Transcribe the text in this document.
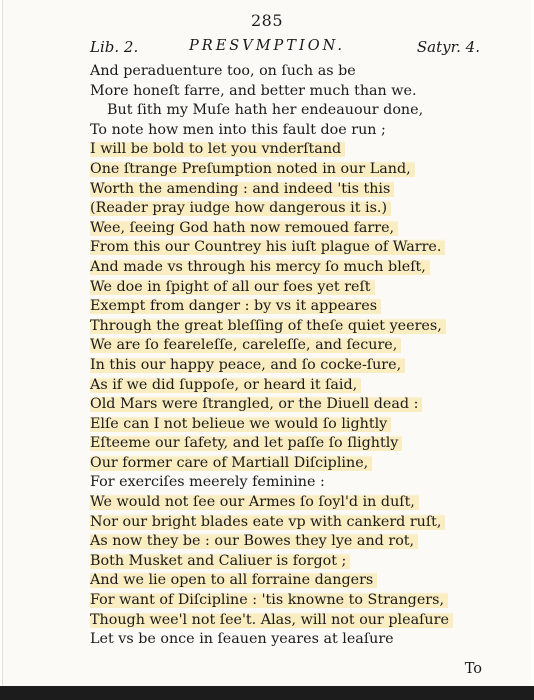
285
Lib. 2.	PRESVMPTION.	Satyr. 4.
And peraduenture too, on ſuch as be
More honeſt farre, and better much than we.
But ſith my Muſe hath her endeauour done,
To note how men into this fault doe run ;
I will be bold to let you vnderſtand
One ſtrange Preſumption noted in our Land,
Worth the amending : and indeed 'tis this
(Reader pray iudge how dangerous it is.)
Wee, ſeeing God hath now remoued farre,
From this our Countrey his iuſt plague of Warre.
And made vs through his mercy ſo much bleſt,
We doe in ſpight of all our foes yet reſt
Exempt from danger : by vs it appeares
Through the great bleſſing of theſe quiet yeeres,
We are ſo feareleſſe, careleſſe, and ſecure,
In this our happy peace, and ſo cocke-ſure,
As if we did ſuppoſe, or heard it ſaid,
Old Mars were ſtrangled, or the Diuell dead :
Elſe can I not belieue we would ſo lightly
Eſteeme our ſafety, and let paſſe ſo ſlightly
Our former care of Martiall Diſcipline,
For exerciſes meerely feminine :
We would not ſee our Armes ſo ſoyl'd in duſt,
Nor our bright blades eate vp with cankerd ruſt,
As now they be : our Bowes they lye and rot,
Both Musket and Caliuer is forgot ;
And we lie open to all forraine dangers
For want of Diſcipline : 'tis knowne to Strangers,
Though wee'l not ſee't. Alas, will not our pleaſure
Let vs be once in ſeauen yeares at leaſure
To
